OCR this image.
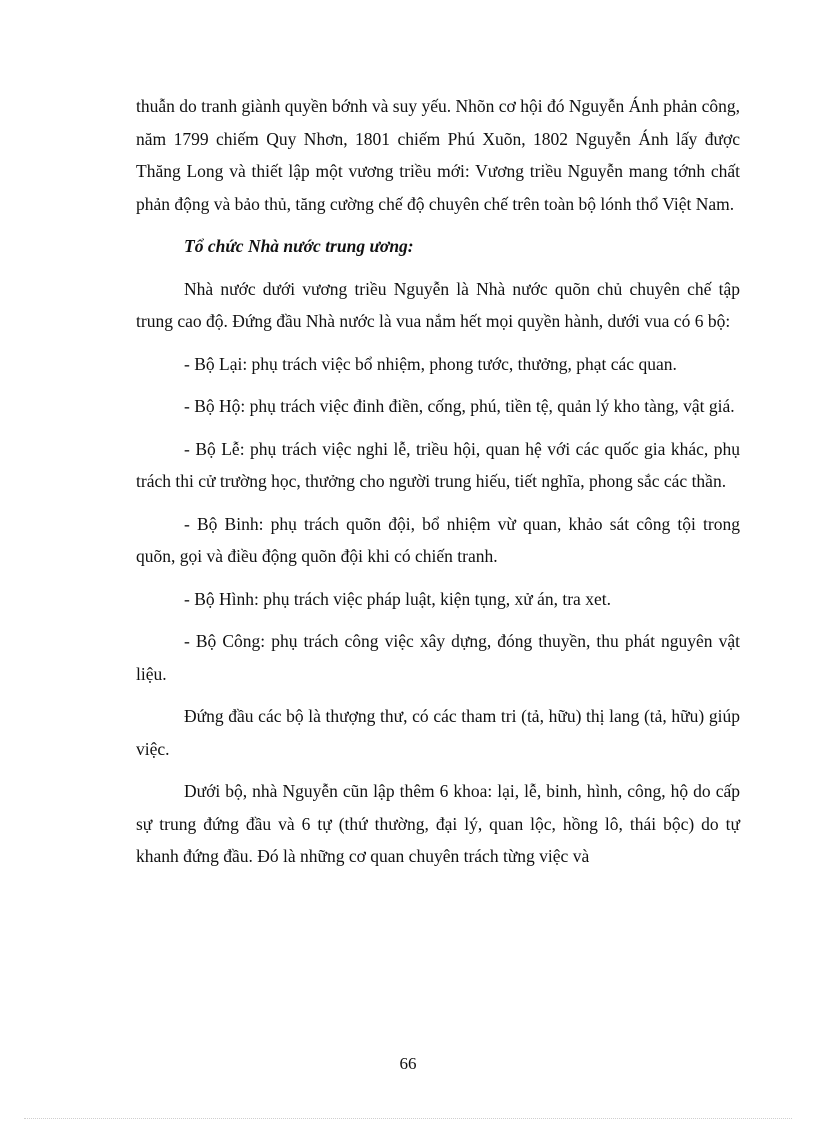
thuẫn do tranh giành quyền bớnh và suy yếu. Nhõn cơ hội đó Nguyễn Ánh phản công, năm 1799 chiếm Quy Nhơn, 1801 chiếm Phú Xuõn, 1802 Nguyễn Ánh lấy được Thăng Long và thiết lập một vương triều mới: Vương triều Nguyễn mang tớnh chất phản động và bảo thủ, tăng cường chế độ chuyên chế trên toàn bộ lónh thổ Việt Nam.

Tổ chức Nhà nước trung ương:

Nhà nước dưới vương triều Nguyễn là Nhà nước quõn chủ chuyên chế tập trung cao độ. Đứng đầu Nhà nước là vua nắm hết mọi quyền hành, dưới vua có 6 bộ:

- Bộ Lại: phụ trách việc bổ nhiệm, phong tước, thưởng, phạt các quan.

- Bộ Hộ: phụ trách việc đinh điền, cống, phú, tiền tệ, quản lý kho tàng, vật giá.

- Bộ Lễ: phụ trách việc nghi lễ, triều hội, quan hệ với các quốc gia khác, phụ trách thi cử trường học, thưởng cho người trung hiếu, tiết nghĩa, phong sắc các thần.

- Bộ Binh: phụ trách quõn đội, bổ nhiệm vừ quan, khảo sát công tội trong quõn, gọi và điều động quõn đội khi có chiến tranh.

- Bộ Hình: phụ trách việc pháp luật, kiện tụng, xử án, tra xet.

- Bộ Công: phụ trách công việc xây dựng, đóng thuyền, thu phát nguyên vật liệu.

Đứng đầu các bộ là thượng thư, có các tham tri (tả, hữu) thị lang (tả, hữu) giúp việc.

Dưới bộ, nhà Nguyễn cũn lập thêm 6 khoa: lại, lễ, binh, hình, công, hộ do cấp sự trung đứng đầu và 6 tự (thứ thường, đại lý, quan lộc, hồng lô, thái bộc) do tự khanh đứng đầu. Đó là những cơ quan chuyên trách từng việc và

66
